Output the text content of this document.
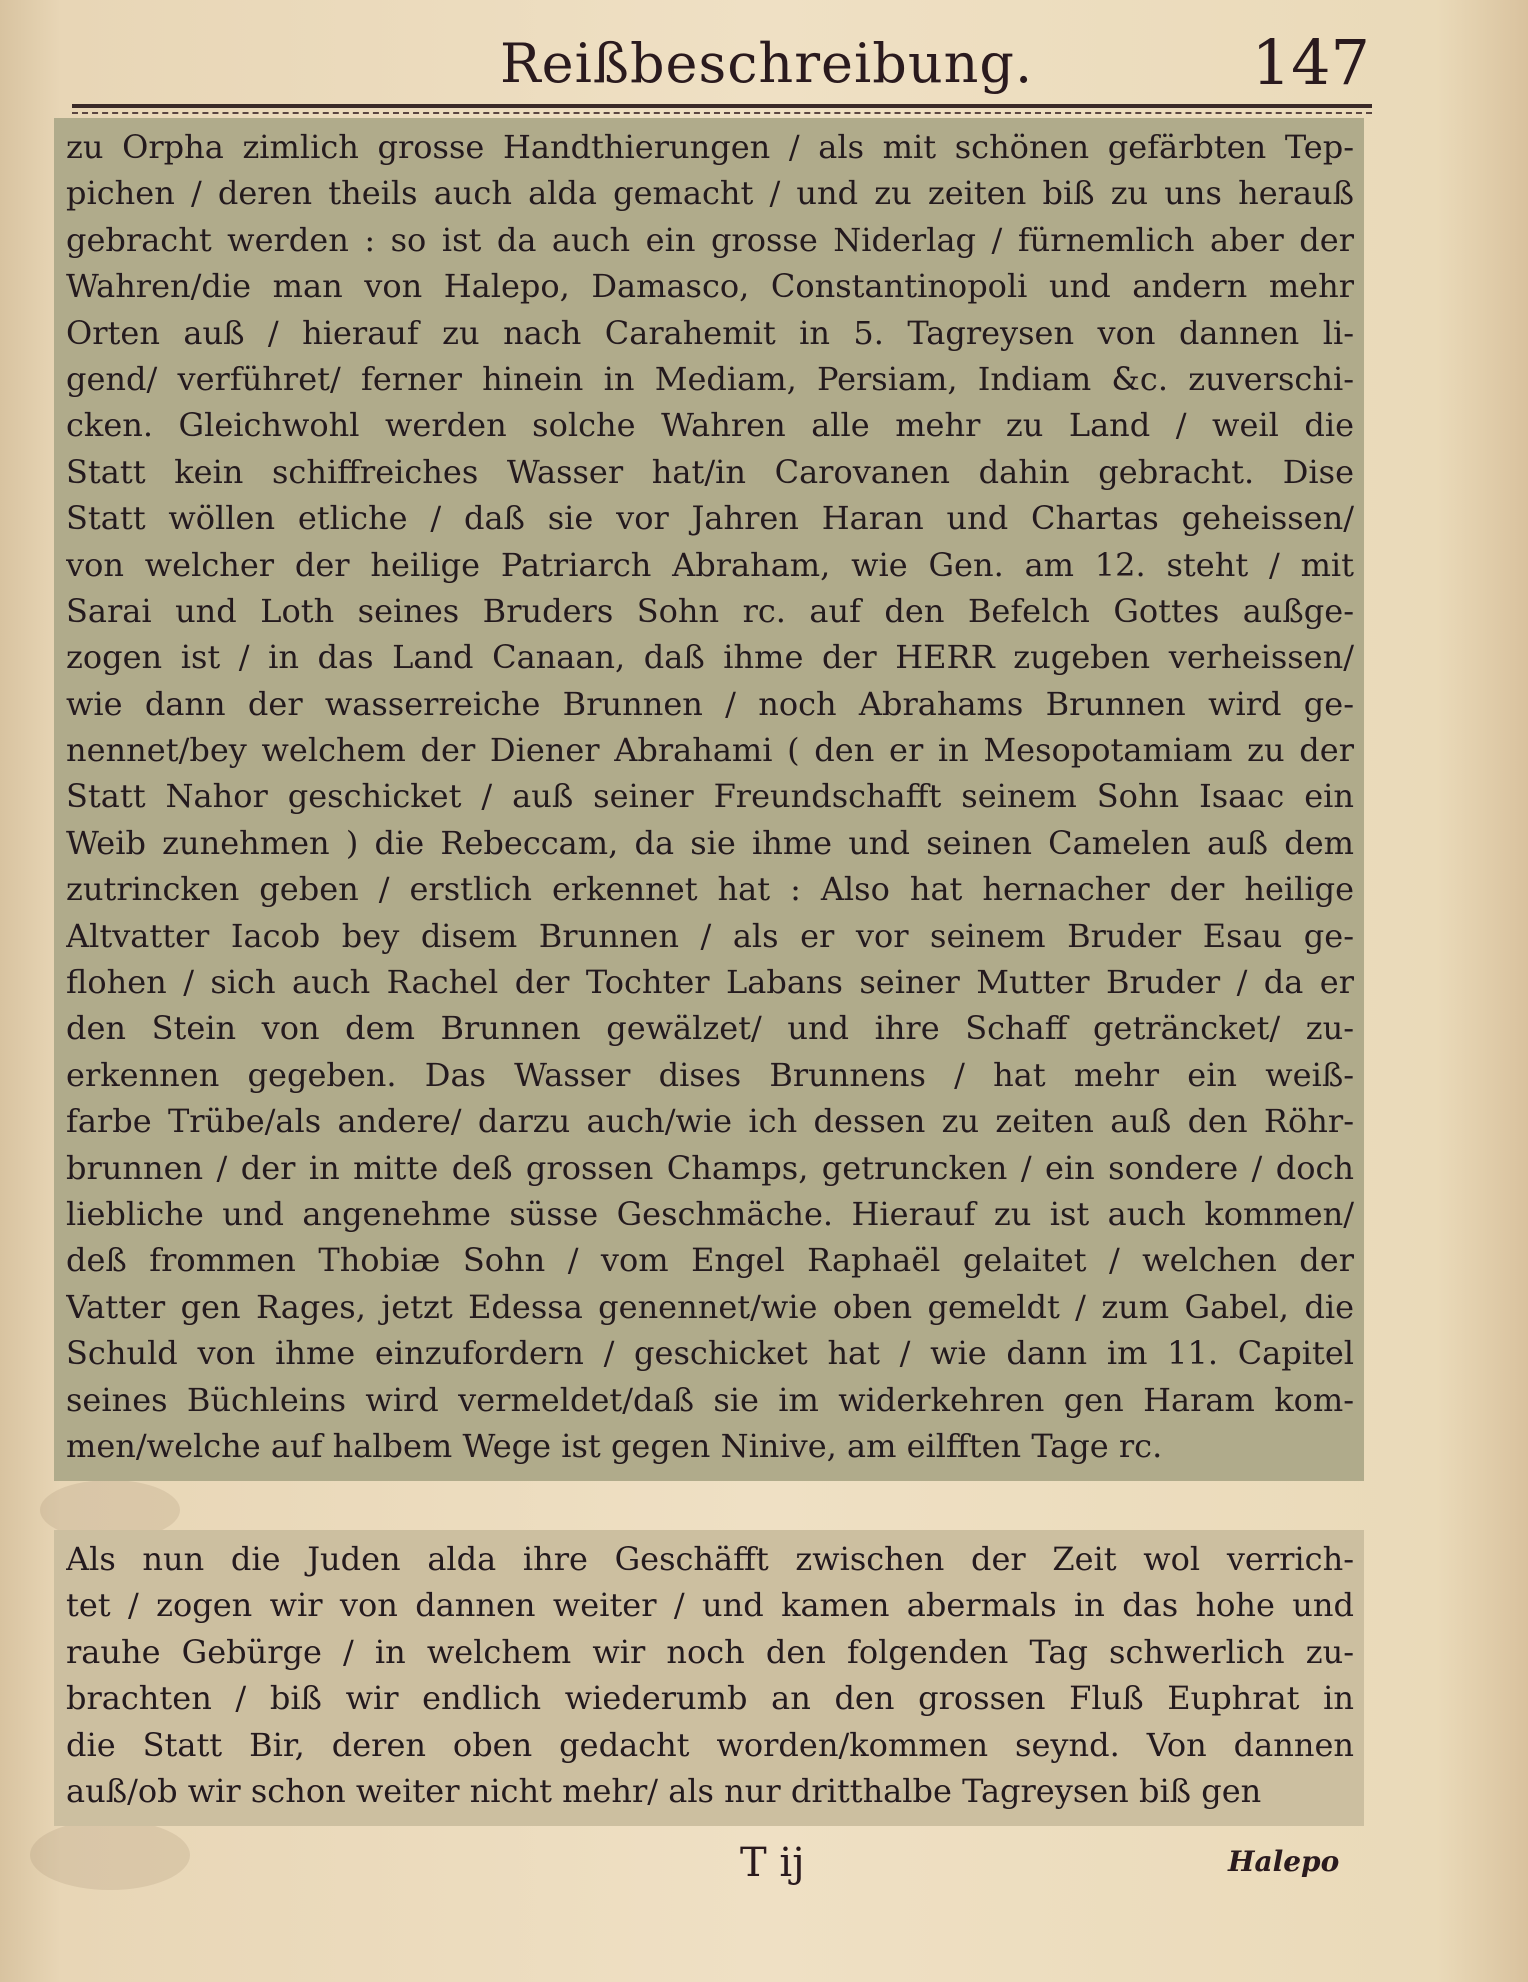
Reißbeschreibung.	147
zu Orpha zimlich grosse Handthierungen / als mit schönen gefärbten Tep-
pichen / deren theils auch alda gemacht / und zu zeiten biß zu uns herauß
gebracht werden : so ist da auch ein grosse Niderlag / fürnemlich aber der
Wahren/die man von Halepo, Damasco, Constantinopoli und andern mehr
Orten auß / hierauf zu nach Carahemit in 5. Tagreysen von dannen li-
gend/ verführet/ ferner hinein in Mediam, Persiam, Indiam &c. zuverschi-
cken. Gleichwohl werden solche Wahren alle mehr zu Land / weil die
Statt kein schiffreiches Wasser hat/in Carovanen dahin gebracht. Dise
Statt wöllen etliche / daß sie vor Jahren Haran und Chartas geheissen/
von welcher der heilige Patriarch Abraham, wie Gen. am 12. steht / mit
Sarai und Loth seines Bruders Sohn rc. auf den Befelch Gottes außge-
zogen ist / in das Land Canaan, daß ihme der HERR zugeben verheissen/
wie dann der wasserreiche Brunnen / noch Abrahams Brunnen wird ge-
nennet/bey welchem der Diener Abrahami ( den er in Mesopotamiam zu der
Statt Nahor geschicket / auß seiner Freundschafft seinem Sohn Isaac ein
Weib zunehmen ) die Rebeccam, da sie ihme und seinen Camelen auß dem
zutrincken geben / erstlich erkennet hat : Also hat hernacher der heilige
Altvatter Iacob bey disem Brunnen / als er vor seinem Bruder Esau ge-
flohen / sich auch Rachel der Tochter Labans seiner Mutter Bruder / da er
den Stein von dem Brunnen gewälzet/ und ihre Schaff geträncket/ zu-
erkennen gegeben. Das Wasser dises Brunnens / hat mehr ein weiß-
farbe Trübe/als andere/ darzu auch/wie ich dessen zu zeiten auß den Röhr-
brunnen / der in mitte deß grossen Champs, getruncken / ein sondere / doch
liebliche und angenehme süsse Geschmäche. Hierauf zu ist auch kommen/
deß frommen Thobiæ Sohn / vom Engel Raphaël gelaitet / welchen der
Vatter gen Rages, jetzt Edessa genennet/wie oben gemeldt / zum Gabel, die
Schuld von ihme einzufordern / geschicket hat / wie dann im 11. Capitel
seines Büchleins wird vermeldet/daß sie im widerkehren gen Haram kom-
men/welche auf halbem Wege ist gegen Ninive, am eilfften Tage rc.
Als nun die Juden alda ihre Geschäfft zwischen der Zeit wol verrich-
tet / zogen wir von dannen weiter / und kamen abermals in das hohe und
rauhe Gebürge / in welchem wir noch den folgenden Tag schwerlich zu-
brachten / biß wir endlich wiederumb an den grossen Fluß Euphrat in
die Statt Bir, deren oben gedacht worden/kommen seynd. Von dannen
auß/ob wir schon weiter nicht mehr/ als nur dritthalbe Tagreysen biß gen
T ij	Halepo
